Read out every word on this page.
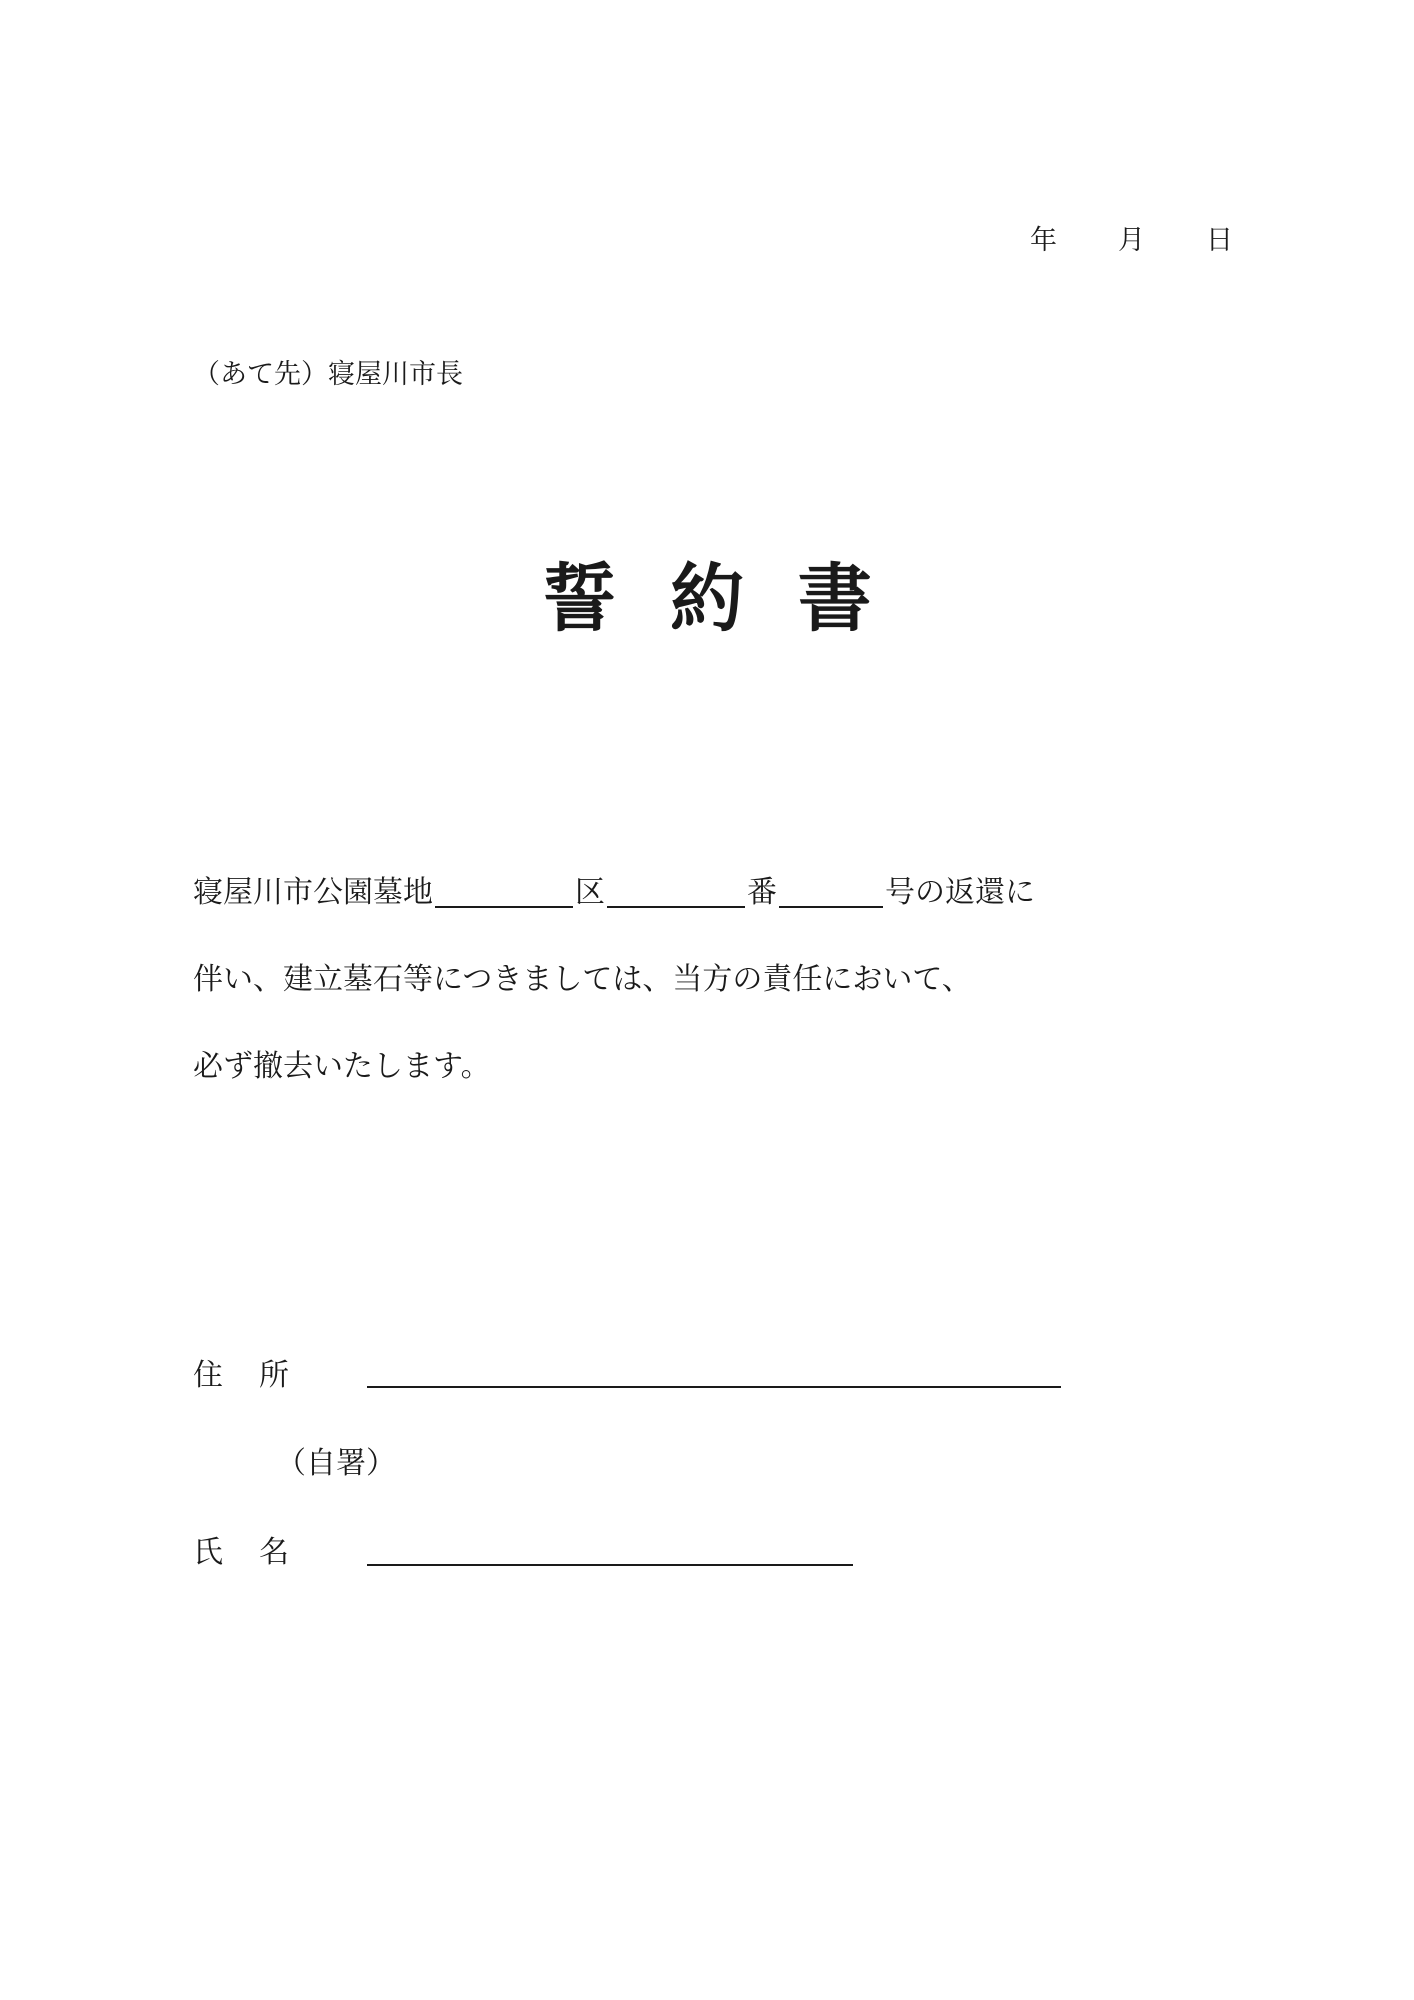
年 月 日
（あて先）寝屋川市長
誓 約 書
寝屋川市公園墓地	区	番	号の返還に
伴い、建立墓石等につきましては、当方の責任において、
必ず撤去いたします。
住 所
（自署）
氏 名
